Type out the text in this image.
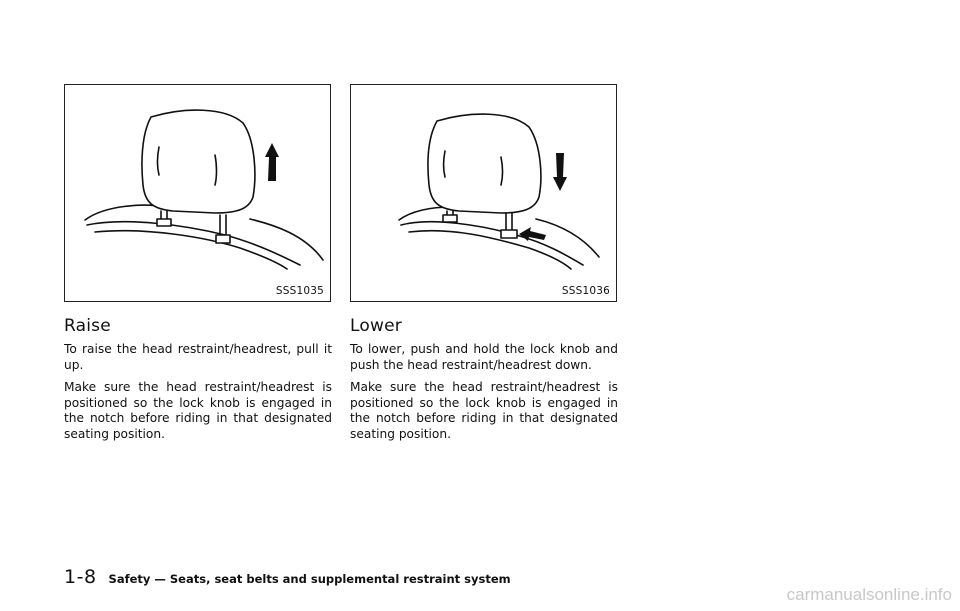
SSS1035	SSS1036
Raise

To raise the head restraint/headrest, pull it up.

Make sure the head restraint/headrest is positioned so the lock knob is engaged in the notch before riding in that designated seating position.

Lower

To lower, push and hold the lock knob and push the head restraint/headrest down.

Make sure the head restraint/headrest is positioned so the lock knob is engaged in the notch before riding in that designated seating position.

1-8 Safety — Seats, seat belts and supplemental restraint system
carmanualsonline.info
